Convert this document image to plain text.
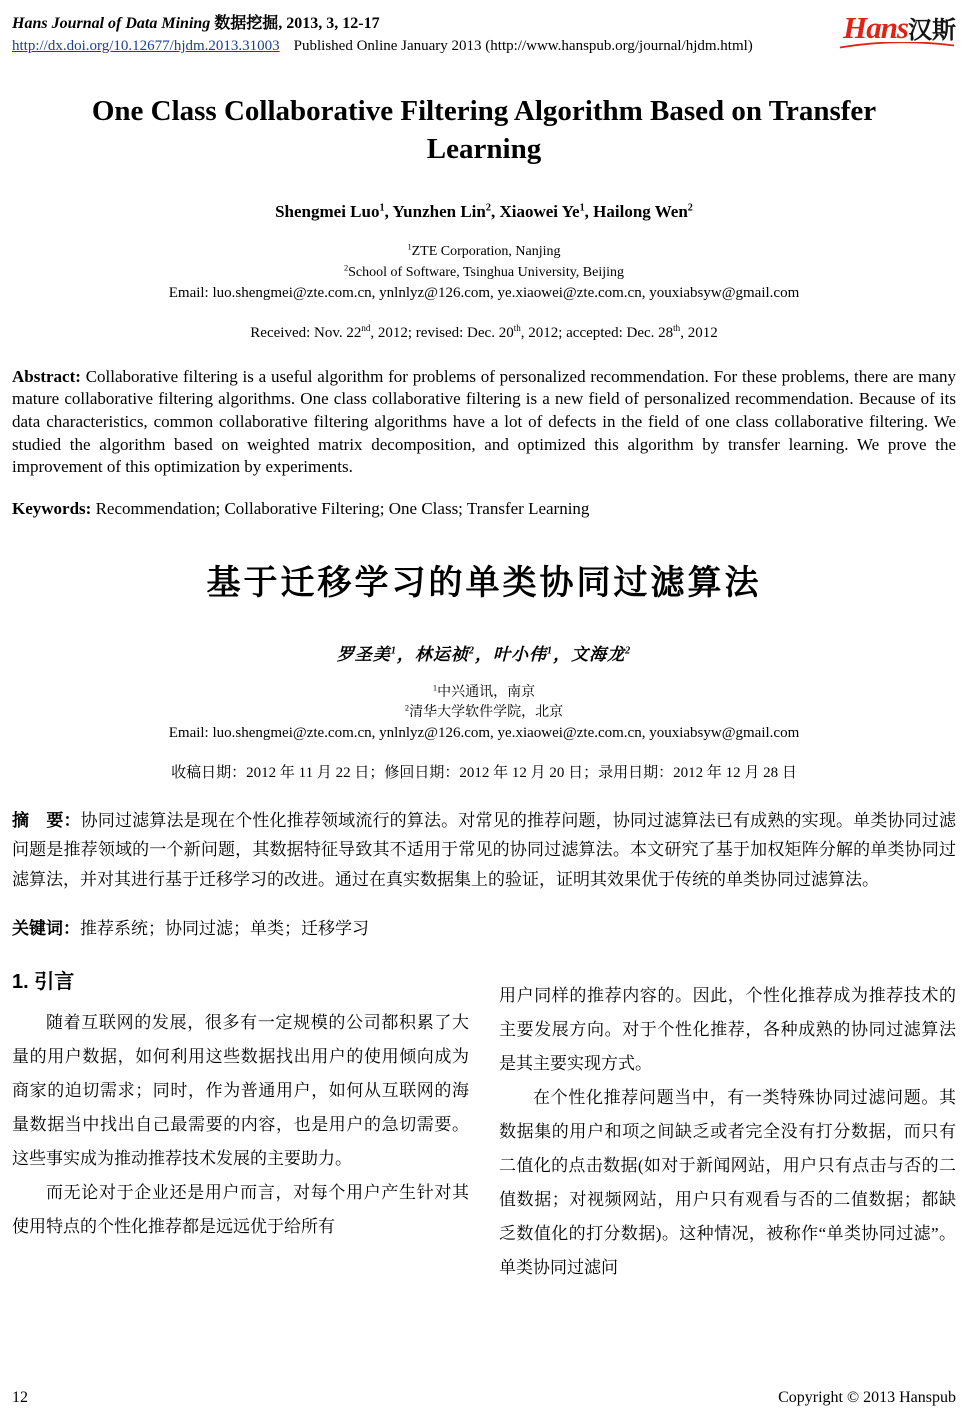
Hans Journal of Data Mining 数据挖掘, 2013, 3, 12-17
http://dx.doi.org/10.12677/hjdm.2013.31003 Published Online January 2013 (http://www.hanspub.org/journal/hjdm.html)
Hans汉斯
One Class Collaborative Filtering Algorithm Based on Transfer Learning

Shengmei Luo$^1$, Yunzhen Lin$^2$, Xiaowei Ye$^1$, Hailong Wen$^2$

$^1$ZTE Corporation, Nanjing
$^2$School of Software, Tsinghua University, Beijing
Email: luo.shengmei@zte.com.cn, ynlnlyz@126.com, ye.xiaowei@zte.com.cn, youxiabsyw@gmail.com

Received: Nov. 22nd, 2012; revised: Dec. 20th, 2012; accepted: Dec. 28th, 2012

Abstract: Collaborative filtering is a useful algorithm for problems of personalized recommendation. For these problems, there are many mature collaborative filtering algorithms. One class collaborative filtering is a new field of personalized recommendation. Because of its data characteristics, common collaborative filtering algorithms have a lot of defects in the field of one class collaborative filtering. We studied the algorithm based on weighted matrix decomposition, and optimized this algorithm by transfer learning. We prove the improvement of this optimization by experiments.

Keywords: Recommendation; Collaborative Filtering; One Class; Transfer Learning

基于迁移学习的单类协同过滤算法

罗圣美$^1$，林运祯$^2$，叶小伟$^1$，文海龙$^2$

$^1$中兴通讯，南京
$^2$清华大学软件学院，北京
Email: luo.shengmei@zte.com.cn, ynlnlyz@126.com, ye.xiaowei@zte.com.cn, youxiabsyw@gmail.com

收稿日期：2012 年 11 月 22 日；修回日期：2012 年 12 月 20 日；录用日期：2012 年 12 月 28 日

摘　要：协同过滤算法是现在个性化推荐领域流行的算法。对常见的推荐问题，协同过滤算法已有成熟的实现。单类协同过滤问题是推荐领域的一个新问题，其数据特征导致其不适用于常见的协同过滤算法。本文研究了基于加权矩阵分解的单类协同过滤算法，并对其进行基于迁移学习的改进。通过在真实数据集上的验证，证明其效果优于传统的单类协同过滤算法。

关键词：推荐系统；协同过滤；单类；迁移学习

1. 引言

随着互联网的发展，很多有一定规模的公司都积累了大量的用户数据，如何利用这些数据找出用户的使用倾向成为商家的迫切需求；同时，作为普通用户，如何从互联网的海量数据当中找出自己最需要的内容，也是用户的急切需要。这些事实成为推动推荐技术发展的主要助力。

而无论对于企业还是用户而言，对每个用户产生针对其使用特点的个性化推荐都是远远优于给所有

用户同样的推荐内容的。因此，个性化推荐成为推荐技术的主要发展方向。对于个性化推荐，各种成熟的协同过滤算法是其主要实现方式。

在个性化推荐问题当中，有一类特殊协同过滤问题。其数据集的用户和项之间缺乏或者完全没有打分数据，而只有二值化的点击数据(如对于新闻网站，用户只有点击与否的二值数据；对视频网站，用户只有观看与否的二值数据；都缺乏数值化的打分数据)。这种情况，被称作“单类协同过滤”。单类协同过滤问

12	Copyright © 2013 Hanspub
